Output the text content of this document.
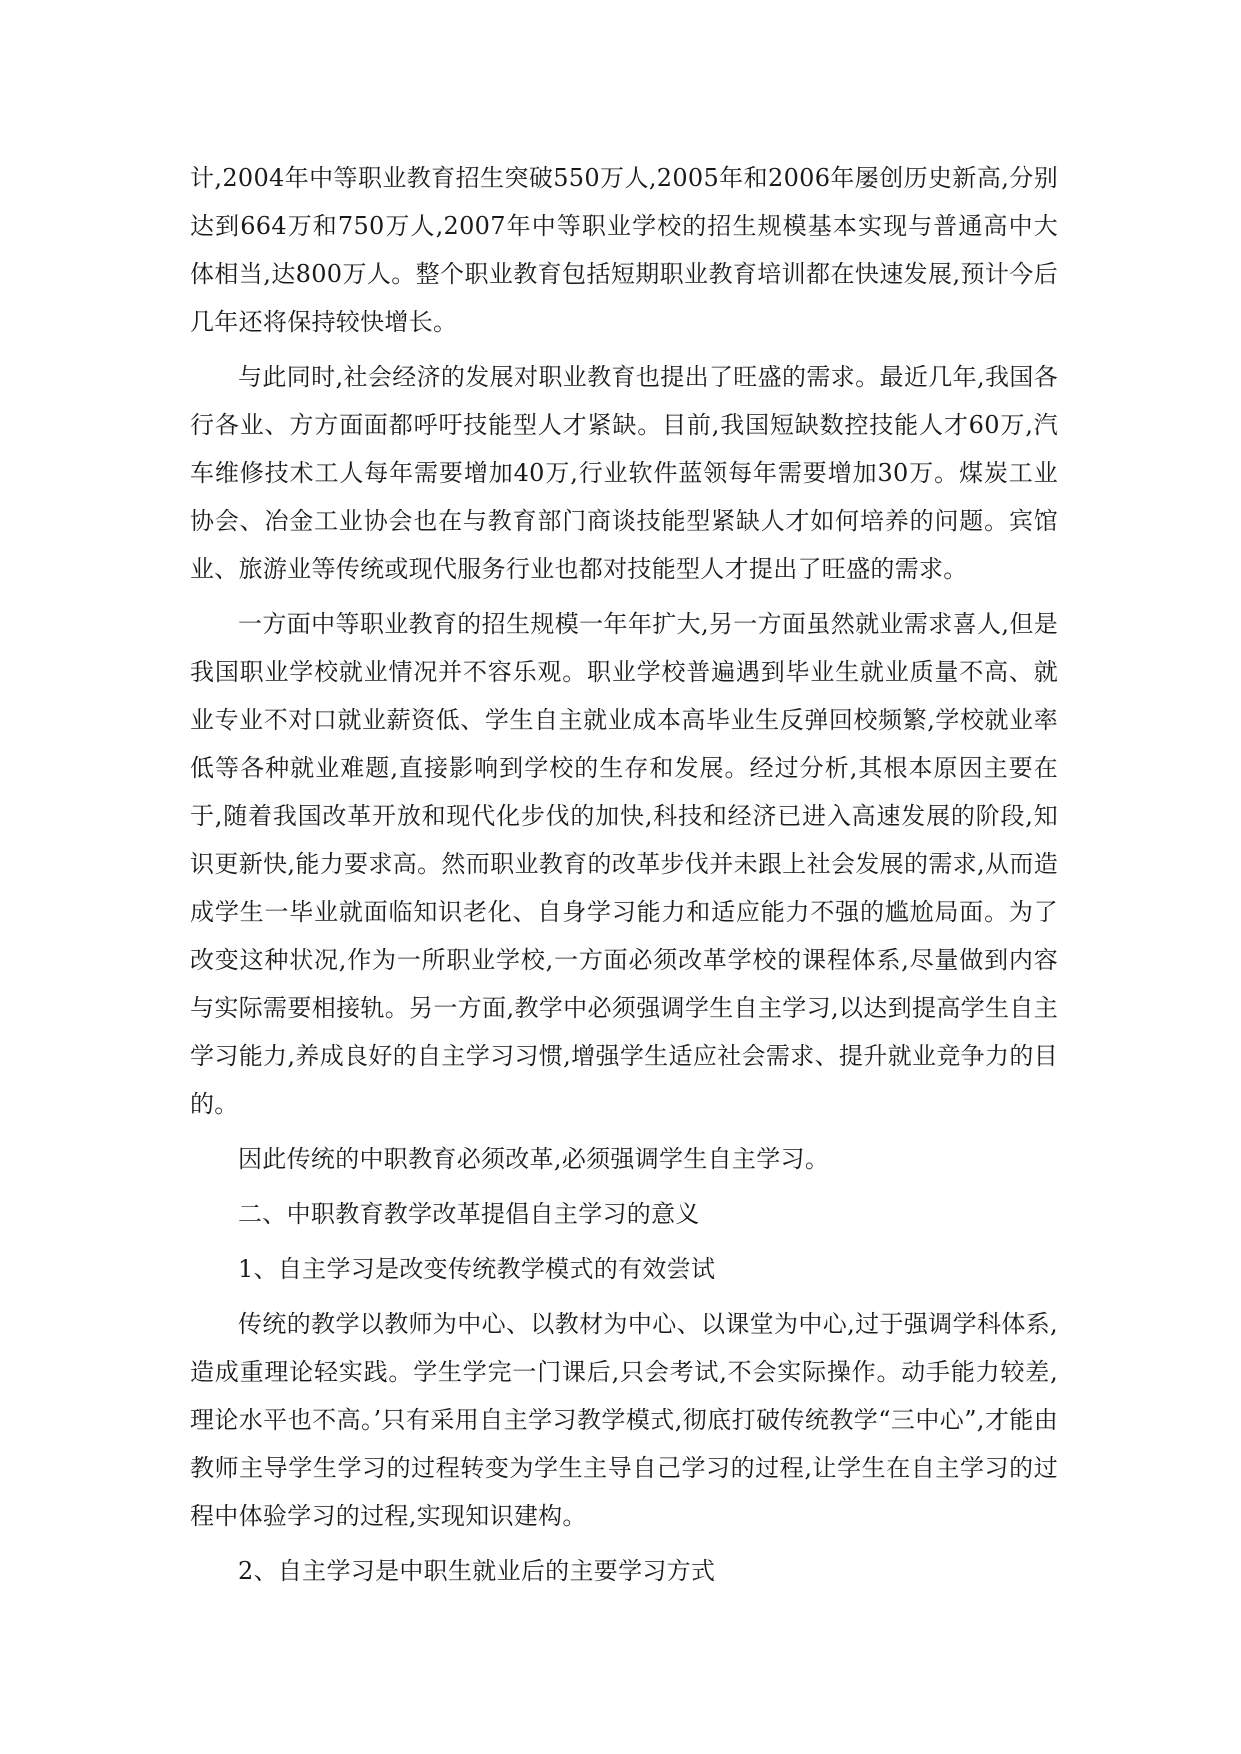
计,2004年中等职业教育招生突破550万人,2005年和2006年屡创历史新高,分别达到664万和750万人,2007年中等职业学校的招生规模基本实现与普通高中大体相当,达800万人。整个职业教育包括短期职业教育培训都在快速发展,预计今后几年还将保持较快增长。

与此同时,社会经济的发展对职业教育也提出了旺盛的需求。最近几年,我国各行各业、方方面面都呼吁技能型人才紧缺。目前,我国短缺数控技能人才60万,汽车维修技术工人每年需要增加40万,行业软件蓝领每年需要增加30万。煤炭工业协会、冶金工业协会也在与教育部门商谈技能型紧缺人才如何培养的问题。宾馆业、旅游业等传统或现代服务行业也都对技能型人才提出了旺盛的需求。

一方面中等职业教育的招生规模一年年扩大,另一方面虽然就业需求喜人,但是我国职业学校就业情况并不容乐观。职业学校普遍遇到毕业生就业质量不高、就业专业不对口就业薪资低、学生自主就业成本高毕业生反弹回校频繁,学校就业率低等各种就业难题,直接影响到学校的生存和发展。经过分析,其根本原因主要在于,随着我国改革开放和现代化步伐的加快,科技和经济已进入高速发展的阶段,知识更新快,能力要求高。然而职业教育的改革步伐并未跟上社会发展的需求,从而造成学生一毕业就面临知识老化、自身学习能力和适应能力不强的尴尬局面。为了改变这种状况,作为一所职业学校,一方面必须改革学校的课程体系,尽量做到内容与实际需要相接轨。另一方面,教学中必须强调学生自主学习,以达到提高学生自主学习能力,养成良好的自主学习习惯,增强学生适应社会需求、提升就业竞争力的目的。

因此传统的中职教育必须改革,必须强调学生自主学习。

二、中职教育教学改革提倡自主学习的意义

1、自主学习是改变传统教学模式的有效尝试

传统的教学以教师为中心、以教材为中心、以课堂为中心,过于强调学科体系,造成重理论轻实践。学生学完一门课后,只会考试,不会实际操作。动手能力较差,理论水平也不高。’只有采用自主学习教学模式,彻底打破传统教学“三中心”,才能由教师主导学生学习的过程转变为学生主导自己学习的过程,让学生在自主学习的过程中体验学习的过程,实现知识建构。

2、自主学习是中职生就业后的主要学习方式
